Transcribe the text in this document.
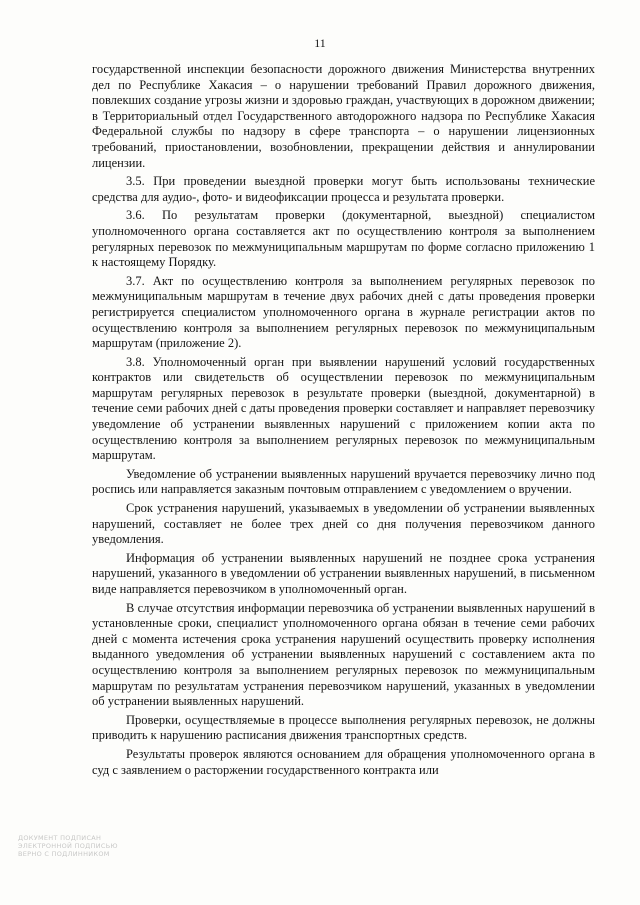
11

государственной инспекции безопасности дорожного движения Министерства внутренних дел по Республике Хакасия – о нарушении требований Правил дорожного движения, повлекших создание угрозы жизни и здоровью граждан, участвующих в дорожном движении; в Территориальный отдел Государственного автодорожного надзора по Республике Хакасия Федеральной службы по надзору в сфере транспорта – о нарушении лицензионных требований, приостановлении, возобновлении, прекращении действия и аннулировании лицензии.

3.5. При проведении выездной проверки могут быть использованы технические средства для аудио-, фото- и видеофиксации процесса и результата проверки.

3.6. По результатам проверки (документарной, выездной) специалистом уполномоченного органа составляется акт по осуществлению контроля за выполнением регулярных перевозок по межмуниципальным маршрутам по форме согласно приложению 1 к настоящему Порядку.

3.7. Акт по осуществлению контроля за выполнением регулярных перевозок по межмуниципальным маршрутам в течение двух рабочих дней с даты проведения проверки регистрируется специалистом уполномоченного органа в журнале регистрации актов по осуществлению контроля за выполнением регулярных перевозок по межмуниципальным маршрутам (приложение 2).

3.8. Уполномоченный орган при выявлении нарушений условий государственных контрактов или свидетельств об осуществлении перевозок по межмуниципальным маршрутам регулярных перевозок в результате проверки (выездной, документарной) в течение семи рабочих дней с даты проведения проверки составляет и направляет перевозчику уведомление об устранении выявленных нарушений с приложением копии акта по осуществлению контроля за выполнением регулярных перевозок по межмуниципальным маршрутам.

Уведомление об устранении выявленных нарушений вручается перевозчику лично под роспись или направляется заказным почтовым отправлением с уведомлением о вручении.

Срок устранения нарушений, указываемых в уведомлении об устранении выявленных нарушений, составляет не более трех дней со дня получения перевозчиком данного уведомления.

Информация об устранении выявленных нарушений не позднее срока устранения нарушений, указанного в уведомлении об устранении выявленных нарушений, в письменном виде направляется перевозчиком в уполномоченный орган.

В случае отсутствия информации перевозчика об устранении выявленных нарушений в установленные сроки, специалист уполномоченного органа обязан в течение семи рабочих дней с момента истечения срока устранения нарушений осуществить проверку исполнения выданного уведомления об устранении выявленных нарушений с составлением акта по осуществлению контроля за выполнением регулярных перевозок по межмуниципальным маршрутам по результатам устранения перевозчиком нарушений, указанных в уведомлении об устранении выявленных нарушений.

Проверки, осуществляемые в процессе выполнения регулярных перевозок, не должны приводить к нарушению расписания движения транспортных средств.

Результаты проверок являются основанием для обращения уполномоченного органа в суд с заявлением о расторжении государственного контракта или

ДОКУМЕНТ ПОДПИСАН
ЭЛЕКТРОННОЙ ПОДПИСЬЮ
ВЕРНО С ПОДЛИННИКОМ
